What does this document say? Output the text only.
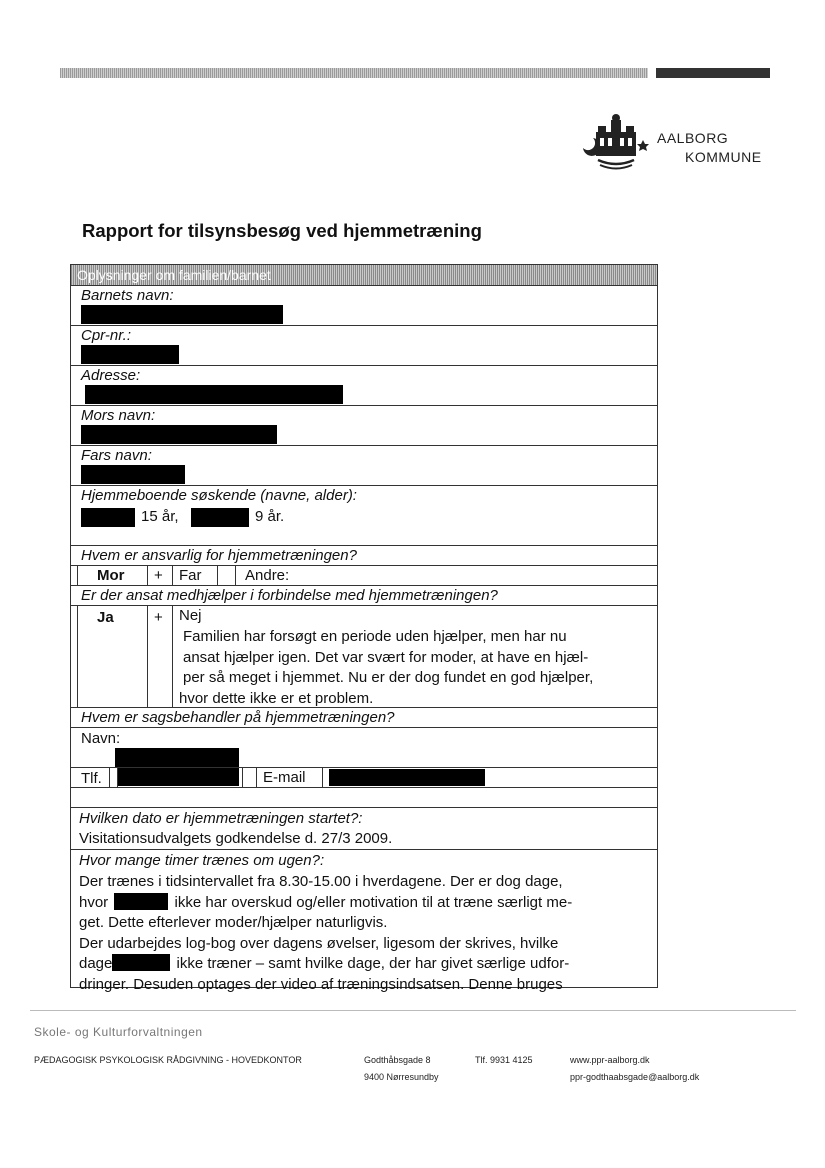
AALBORG
KOMMUNE
Rapport for tilsynsbesøg ved hjemmetræning
Oplysninger om familien/barnet
Barnets navn:
Cpr-nr.:
Adresse:
Mors navn:
Fars navn:
Hjemmeboende søskende (navne, alder):
15 år,	9 år.
Hvem er ansvarlig for hjemmetræningen?
Mor + Far	Andre:
Er der ansat medhjælper i forbindelse med hjemmetræningen?
Ja	+ Nej
Familien har forsøgt en periode uden hjælper, men har nu
ansat hjælper igen. Det var svært for moder, at have en hjæl-
per så meget i hjemmet. Nu er der dog fundet en god hjælper,
hvor dette ikke er et problem.
Hvem er sagsbehandler på hjemmetræningen?
Navn:
Tlf.	E-mail
Hvilken dato er hjemmetræningen startet?:
Visitationsudvalgets godkendelse d. 27/3 2009.
Hvor mange timer trænes om ugen?:
Der trænes i tidsintervallet fra 8.30-15.00 i hverdagene. Der er dog dage,
hvor	ikke har overskud og/eller motivation til at træne særligt me-
get. Dette efterlever moder/hjælper naturligvis.
Der udarbejdes log-bog over dagens øvelser, ligesom der skrives, hvilke
dage	ikke træner – samt hvilke dage, der har givet særlige udfor-
dringer. Desuden optages der video af træningsindsatsen. Denne bruges
Skole- og Kulturforvaltningen
PÆDAGOGISK PSYKOLOGISK RÅDGIVNING - HOVEDKONTOR	Godthåbsgade 8
9400 Nørresundby
Tlf. 9931 4125	www.ppr-aalborg.dk
ppr-godthaabsgade@aalborg.dk
